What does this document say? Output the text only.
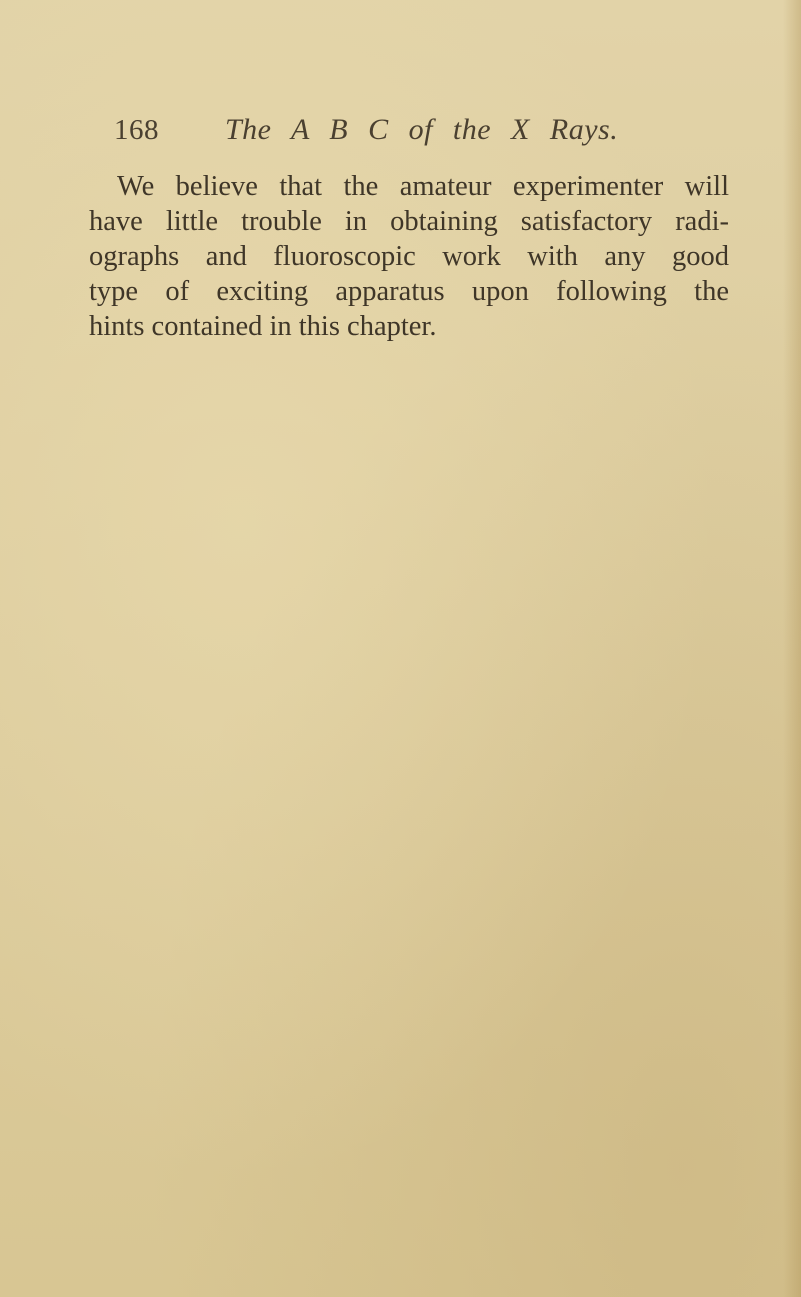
168 The A B C of the X Rays.

We believe that the amateur experimenter will
have little trouble in obtaining satisfactory radi-
ographs and fluoroscopic work with any good
type of exciting apparatus upon following the
hints contained in this chapter.
